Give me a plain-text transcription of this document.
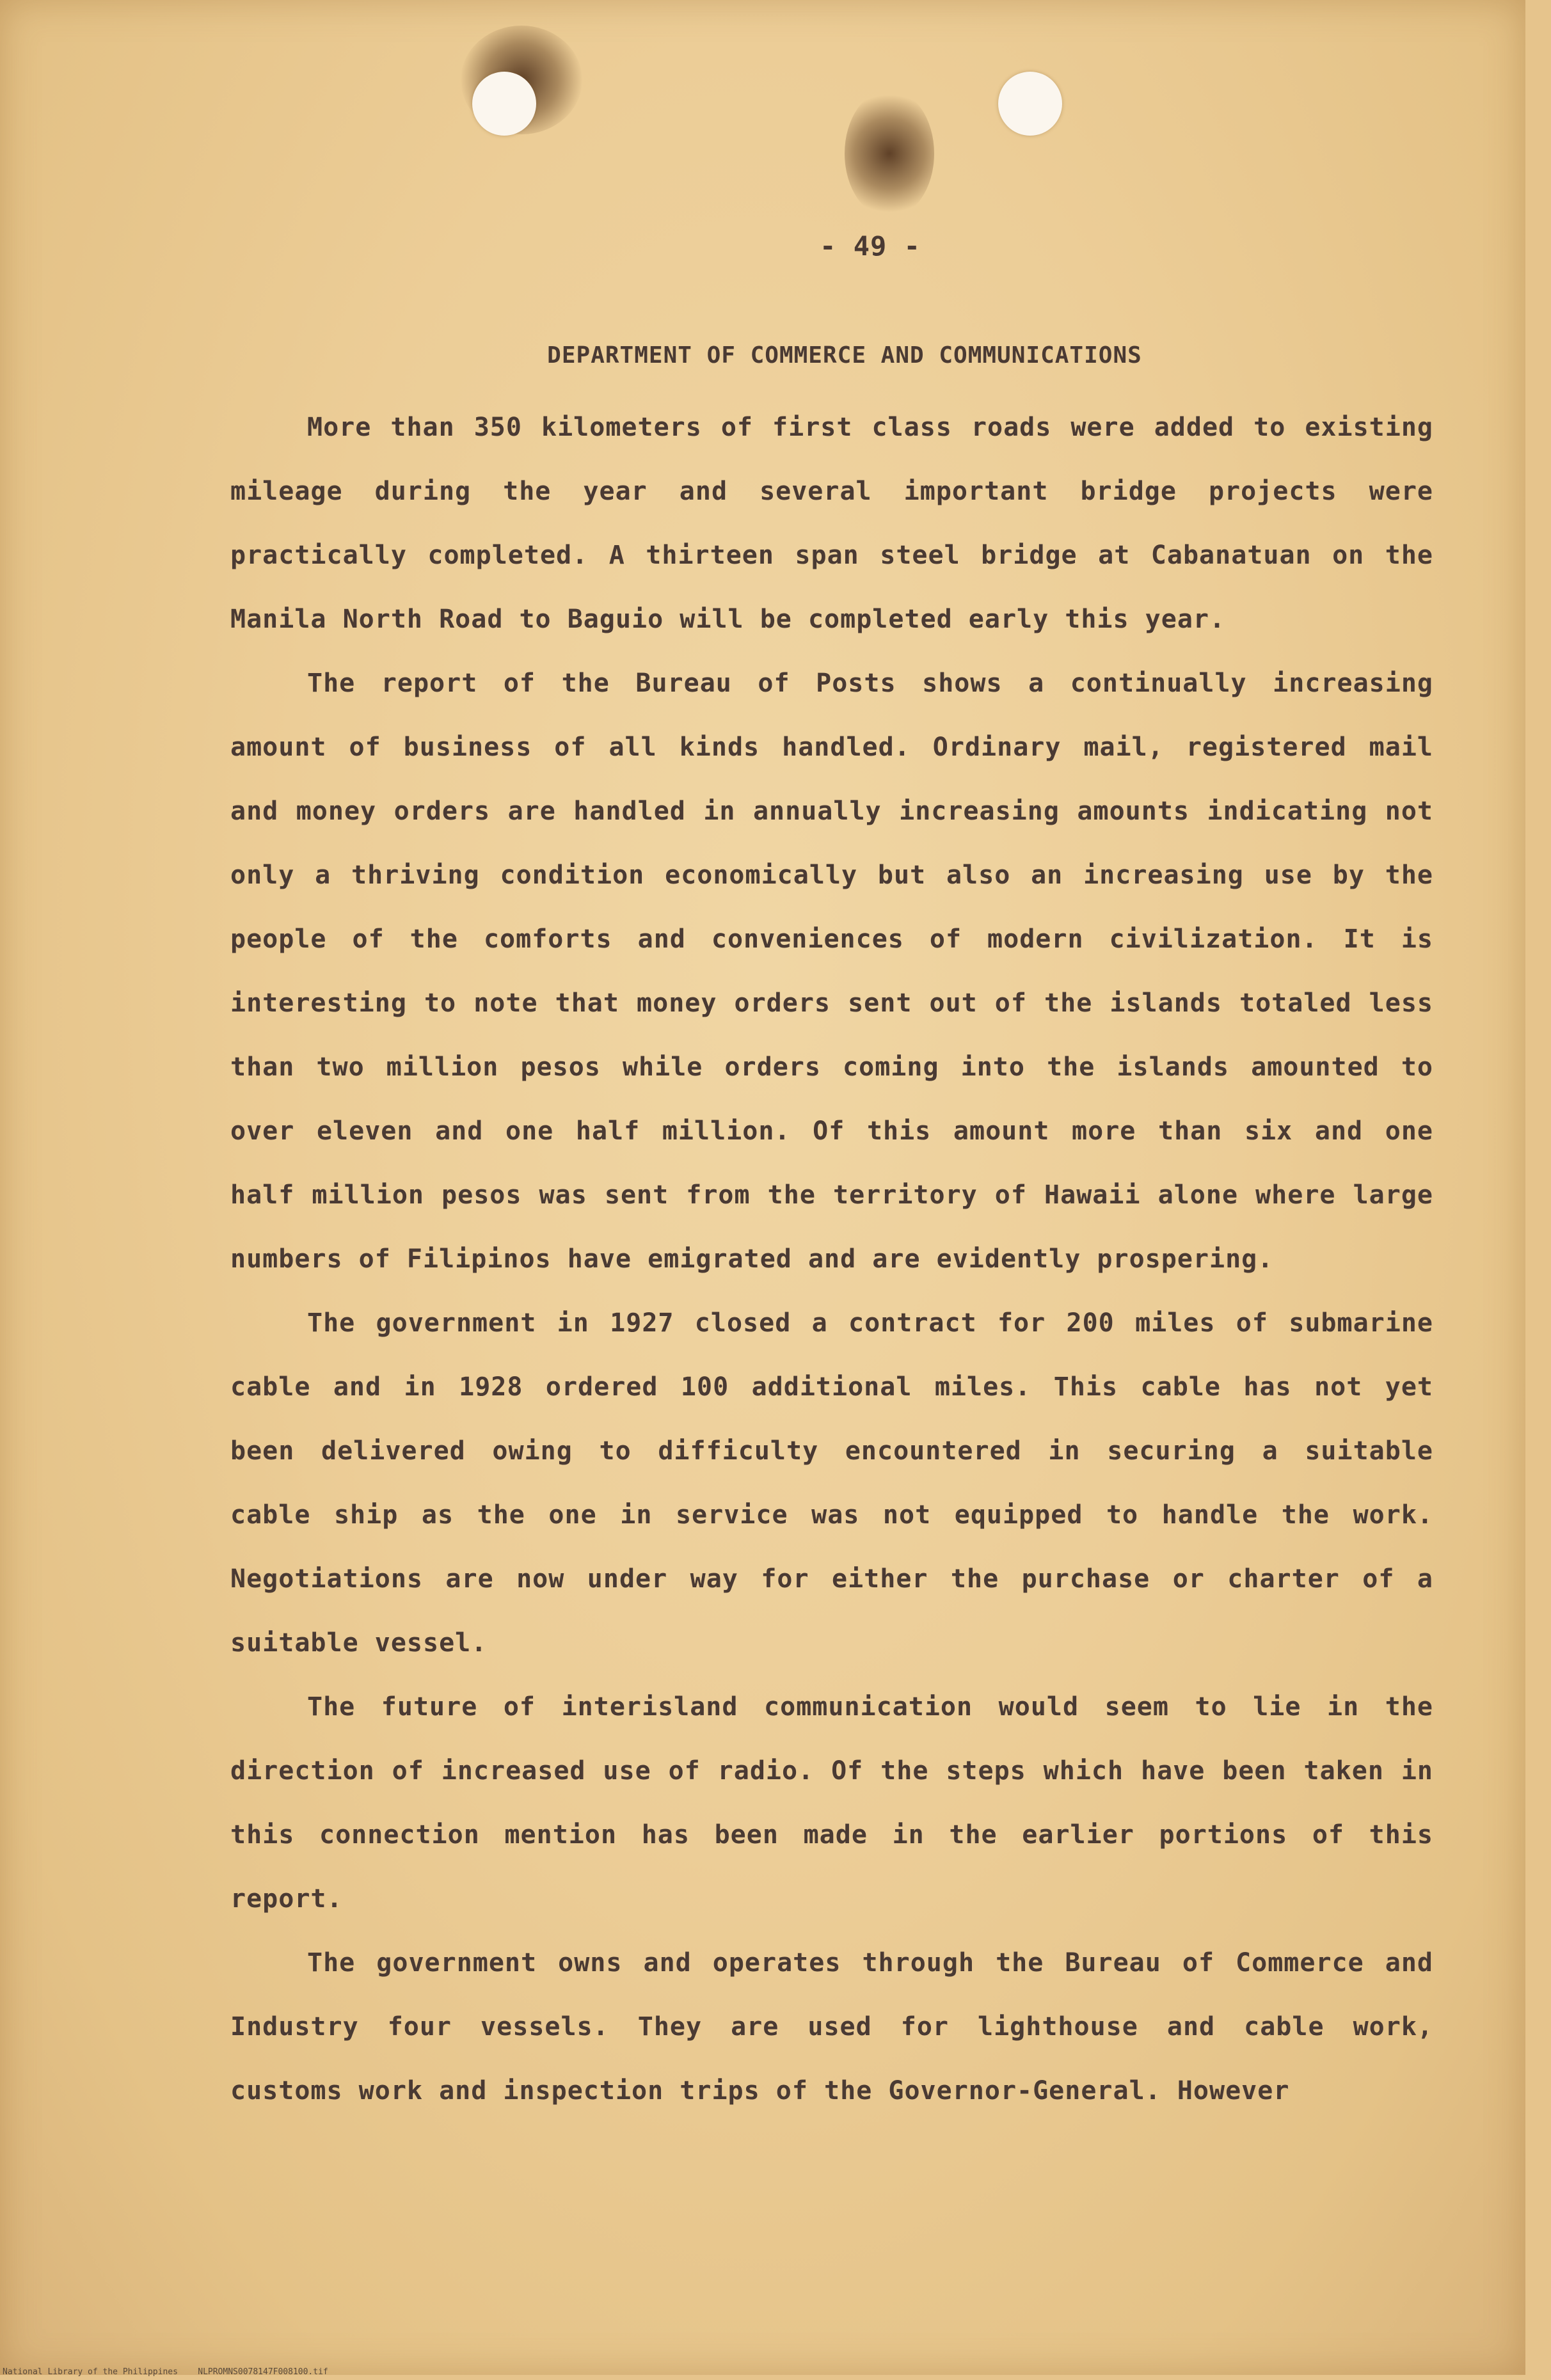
- 49 -

DEPARTMENT OF COMMERCE AND COMMUNICATIONS

More than 350 kilometers of first class roads were added to existing mileage during the year and several important bridge projects were practically completed. A thirteen span steel bridge at Cabanatuan on the Manila North Road to Baguio will be completed early this year.

The report of the Bureau of Posts shows a continually increasing amount of business of all kinds handled. Ordinary mail, registered mail and money orders are handled in annually increasing amounts indicating not only a thriving condition economically but also an increasing use by the people of the comforts and conveniences of modern civilization. It is interesting to note that money orders sent out of the islands totaled less than two million pesos while orders coming into the islands amounted to over eleven and one half million. Of this amount more than six and one half million pesos was sent from the territory of Hawaii alone where large numbers of Filipinos have emigrated and are evidently prospering.

The government in 1927 closed a contract for 200 miles of submarine cable and in 1928 ordered 100 additional miles. This cable has not yet been delivered owing to difficulty encountered in securing a suitable cable ship as the one in service was not equipped to handle the work. Negotiations are now under way for either the purchase or charter of a suitable vessel.

The future of interisland communication would seem to lie in the direction of increased use of radio. Of the steps which have been taken in this connection mention has been made in the earlier portions of this report.

The government owns and operates through the Bureau of Commerce and Industry four vessels. They are used for lighthouse and cable work, customs work and inspection trips of the Governor-General. However

National Library of the Philippines NLPROMNS0078147F008100.tif
